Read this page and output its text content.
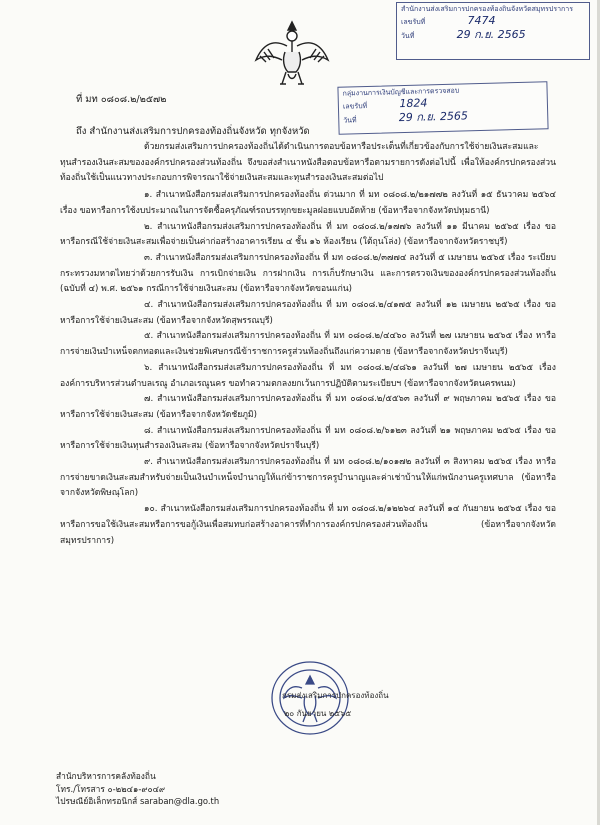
สำนักงานส่งเสริมการปกครองท้องถิ่นจังหวัดสมุทรปราการ
เลขรับที่	7474
วันที่	29 ก.ย. 2565
กลุ่มงานการเงินบัญชีและการตรวจสอบ
เลขรับที่	1824
วันที่	29 ก.ย. 2565
ที่ มท ๐๘๐๘.๒/๒๕๗๒
ถึง สำนักงานส่งเสริมการปกครองท้องถิ่นจังหวัด ทุกจังหวัด

ด้วยกรมส่งเสริมการปกครองท้องถิ่นได้ดำเนินการตอบข้อหารือประเด็นที่เกี่ยวข้องกับการใช้จ่ายเงินสะสมและทุนสำรองเงินสะสมขององค์กรปกครองส่วนท้องถิ่น จึงขอส่งสำเนาหนังสือตอบข้อหารือตามรายการดังต่อไปนี้ เพื่อให้องค์กรปกครองส่วนท้องถิ่นใช้เป็นแนวทางประกอบการพิจารณาใช้จ่ายเงินสะสมและทุนสำรองเงินสะสมต่อไป

๑. สำเนาหนังสือกรมส่งเสริมการปกครองท้องถิ่น ด่วนมาก ที่ มท ๐๘๐๘.๒/๒๑๗๗๒ ลงวันที่ ๑๕ ธันวาคม ๒๕๖๔ เรื่อง ขอหารือการใช้งบประมาณในการจัดซื้อครุภัณฑ์รถบรรทุกขยะมูลฝอยแบบอัดท้าย (ข้อหารือจากจังหวัดปทุมธานี)

๒. สำเนาหนังสือกรมส่งเสริมการปกครองท้องถิ่น ที่ มท ๐๘๐๘.๒/๑๗๗๖ ลงวันที่ ๑๑ มีนาคม ๒๕๖๕ เรื่อง ขอหารือกรณีใช้จ่ายเงินสะสมเพื่อจ่ายเป็นค่าก่อสร้างอาคารเรียน ๔ ชั้น ๑๖ ห้องเรียน (ใต้ถุนโล่ง) (ข้อหารือจากจังหวัดราชบุรี)

๓. สำเนาหนังสือกรมส่งเสริมการปกครองท้องถิ่น ที่ มท ๐๘๐๘.๒/๓๗๗๔ ลงวันที่ ๕ เมษายน ๒๕๖๕ เรื่อง ระเบียบกระทรวงมหาดไทยว่าด้วยการรับเงิน การเบิกจ่ายเงิน การฝากเงิน การเก็บรักษาเงิน และการตรวจเงินขององค์กรปกครองส่วนท้องถิ่น (ฉบับที่ ๔) พ.ศ. ๒๕๖๑ กรณีการใช้จ่ายเงินสะสม (ข้อหารือจากจังหวัดขอนแก่น)

๔. สำเนาหนังสือกรมส่งเสริมการปกครองท้องถิ่น ที่ มท ๐๘๐๘.๒/๔๑๗๕ ลงวันที่ ๑๒ เมษายน ๒๕๖๕ เรื่อง ขอหารือการใช้จ่ายเงินสะสม (ข้อหารือจากจังหวัดสุพรรณบุรี)

๕. สำเนาหนังสือกรมส่งเสริมการปกครองท้องถิ่น ที่ มท ๐๘๐๘.๒/๔๔๖๐ ลงวันที่ ๒๗ เมษายน ๒๕๖๕ เรื่อง หารือการจ่ายเงินบำเหน็จตกทอดและเงินช่วยพิเศษกรณีข้าราชการครูส่วนท้องถิ่นถึงแก่ความตาย (ข้อหารือจากจังหวัดปราจีนบุรี)

๖. สำเนาหนังสือกรมส่งเสริมการปกครองท้องถิ่น ที่ มท ๐๘๐๘.๒/๔๘๖๑ ลงวันที่ ๒๗ เมษายน ๒๕๖๕ เรื่อง องค์การบริหารส่วนตำบลเรณู อำเภอเรณูนคร ขอทำความตกลงยกเว้นการปฏิบัติตามระเบียบฯ (ข้อหารือจากจังหวัดนครพนม)

๗. สำเนาหนังสือกรมส่งเสริมการปกครองท้องถิ่น ที่ มท ๐๘๐๘.๒/๕๕๖๓ ลงวันที่ ๙ พฤษภาคม ๒๕๖๕ เรื่อง ขอหารือการใช้จ่ายเงินสะสม (ข้อหารือจากจังหวัดชัยภูมิ)

๘. สำเนาหนังสือกรมส่งเสริมการปกครองท้องถิ่น ที่ มท ๐๘๐๘.๒/๖๑๒๓ ลงวันที่ ๒๑ พฤษภาคม ๒๕๖๕ เรื่อง ขอหารือการใช้จ่ายเงินทุนสำรองเงินสะสม (ข้อหารือจากจังหวัดปราจีนบุรี)

๙. สำเนาหนังสือกรมส่งเสริมการปกครองท้องถิ่น ที่ มท ๐๘๐๘.๒/๑๐๑๗๒ ลงวันที่ ๓ สิงหาคม ๒๕๖๕ เรื่อง หารือการจ่ายขาดเงินสะสมสำหรับจ่ายเป็นเงินบำเหน็จบำนาญให้แก่ข้าราชการครูบำนาญและค่าเช่าบ้านให้แก่พนักงานครูเทศบาล (ข้อหารือจากจังหวัดพิษณุโลก)

๑๐. สำเนาหนังสือกรมส่งเสริมการปกครองท้องถิ่น ที่ มท ๐๘๐๘.๒/๑๒๒๖๔ ลงวันที่ ๑๔ กันยายน ๒๕๖๕ เรื่อง ขอหารือการขอใช้เงินสะสมหรือการขอกู้เงินเพื่อสมทบก่อสร้างอาคารที่ทำการองค์กรปกครองส่วนท้องถิ่น (ข้อหารือจากจังหวัดสมุทรปราการ)

กรมส่งเสริมการปกครองท้องถิ่น
๒๐ กันยายน ๒๕๖๕
สำนักบริหารการคลังท้องถิ่น
โทร./โทรสาร ๐-๒๒๔๑-๙๐๔๙
ไปรษณีย์อิเล็กทรอนิกส์ saraban@dla.go.th
